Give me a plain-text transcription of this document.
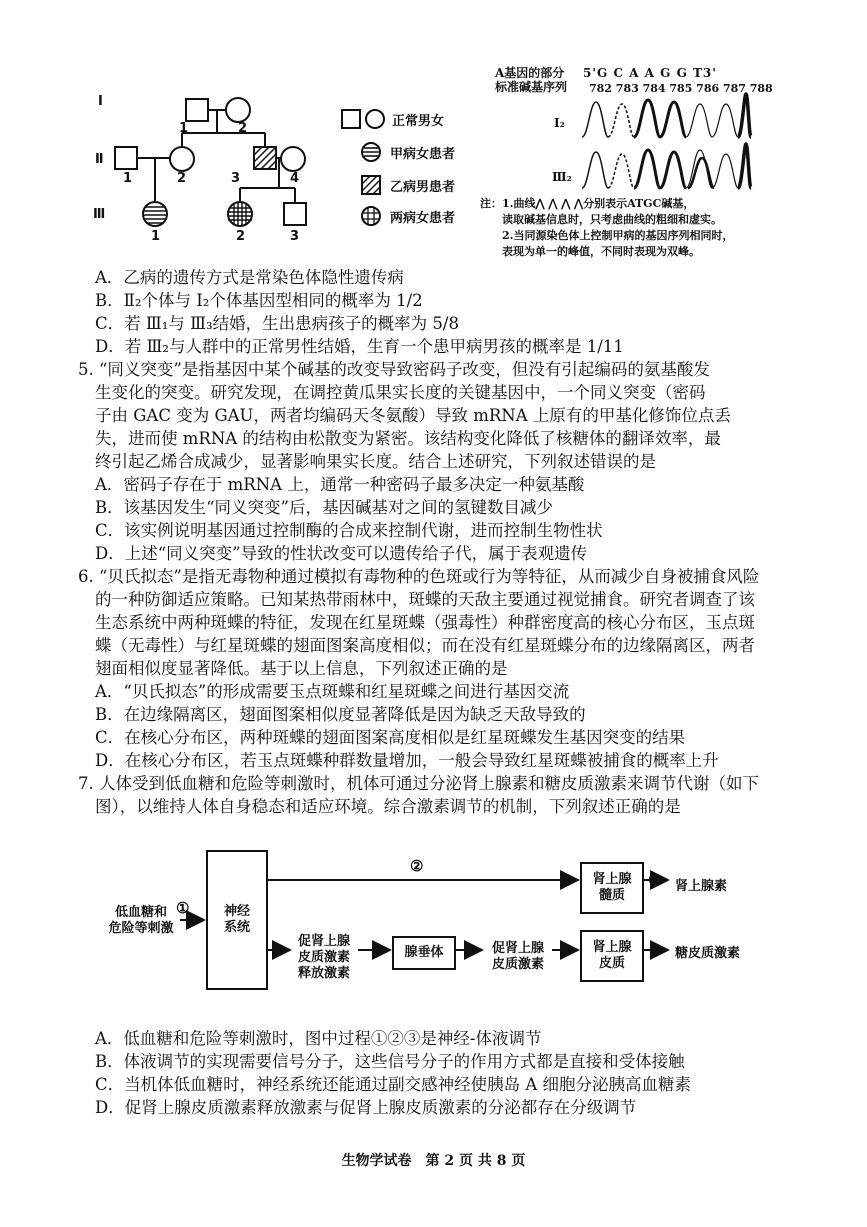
Ⅰ
Ⅱ
Ⅲ
1	2
1	2	3	4
1	2	3
正常男女
甲病女患者
乙病男患者
两病女患者
A基因的部分
标准碱基序列
5'G C A A G G T3'
782 783 784 785 786 787 788
I₂
Ⅲ₂
注：1.曲线⋀ ⋀ ⋀ ⋀分别表示ATGC碱基，
读取碱基信息时，只考虑曲线的粗细和虚实。
2.当同源染色体上控制甲病的基因序列相同时，
表现为单一的峰值，不同时表现为双峰。
A．乙病的遗传方式是常染色体隐性遗传病
B．Ⅱ₂个体与 Ⅰ₂个体基因型相同的概率为 1/2
C．若 Ⅲ₁与 Ⅲ₃结婚，生出患病孩子的概率为 5/8
D．若 Ⅲ₂与人群中的正常男性结婚，生育一个患甲病男孩的概率是 1/11
5. “同义突变”是指基因中某个碱基的改变导致密码子改变，但没有引起编码的氨基酸发
生变化的突变。研究发现，在调控黄瓜果实长度的关键基因中，一个同义突变（密码
子由 GAC 变为 GAU，两者均编码天冬氨酸）导致 mRNA 上原有的甲基化修饰位点丢
失，进而使 mRNA 的结构由松散变为紧密。该结构变化降低了核糖体的翻译效率，最
终引起乙烯合成减少，显著影响果实长度。结合上述研究，下列叙述错误的是
A．密码子存在于 mRNA 上，通常一种密码子最多决定一种氨基酸
B．该基因发生“同义突变”后，基因碱基对之间的氢键数目减少
C．该实例说明基因通过控制酶的合成来控制代谢，进而控制生物性状
D．上述“同义突变”导致的性状改变可以遗传给子代，属于表观遗传
6. “贝氏拟态”是指无毒物种通过模拟有毒物种的色斑或行为等特征，从而减少自身被捕食风险
的一种防御适应策略。已知某热带雨林中，斑蝶的天敌主要通过视觉捕食。研究者调查了该
生态系统中两种斑蝶的特征，发现在红星斑蝶（强毒性）种群密度高的核心分布区，玉点斑
蝶（无毒性）与红星斑蝶的翅面图案高度相似；而在没有红星斑蝶分布的边缘隔离区，两者
翅面相似度显著降低。基于以上信息，下列叙述正确的是
A．“贝氏拟态”的形成需要玉点斑蝶和红星斑蝶之间进行基因交流
B．在边缘隔离区，翅面图案相似度显著降低是因为缺乏天敌导致的
C．在核心分布区，两种斑蝶的翅面图案高度相似是红星斑蝶发生基因突变的结果
D．在核心分布区，若玉点斑蝶种群数量增加，一般会导致红星斑蝶被捕食的概率上升
7. 人体受到低血糖和危险等刺激时，机体可通过分泌肾上腺素和糖皮质激素来调节代谢（如下
图），以维持人体自身稳态和适应环境。综合激素调节的机制，下列叙述正确的是
低血糖和
危险等刺激
①
②
③
神经
系统
促肾上腺
皮质激素
释放激素
腺垂体	促肾上腺
皮质激素
肾上腺
髓质
肾上腺
皮质
肾上腺素
糖皮质激素
A．低血糖和危险等刺激时，图中过程①②③是神经-体液调节
B．体液调节的实现需要信号分子，这些信号分子的作用方式都是直接和受体接触
C．当机体低血糖时，神经系统还能通过副交感神经使胰岛 A 细胞分泌胰高血糖素
D．促肾上腺皮质激素释放激素与促肾上腺皮质激素的分泌都存在分级调节
生物学试卷　第 2 页 共 8 页
